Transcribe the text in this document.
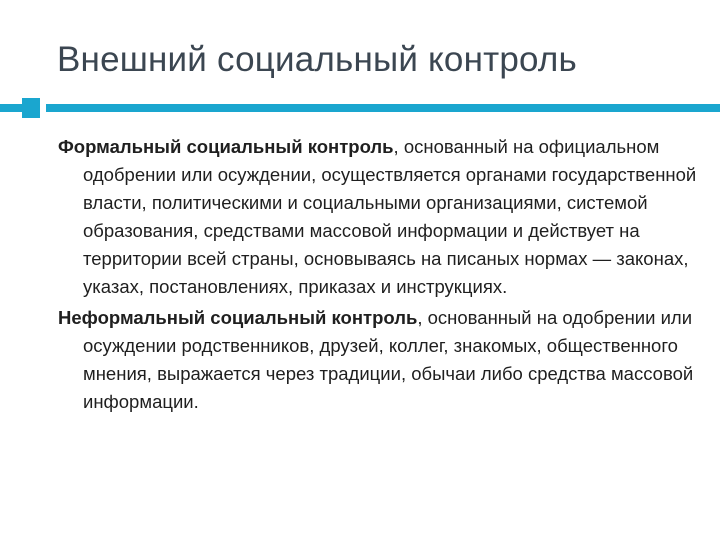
Внешний социальный контроль

Формальный социальный контроль, основанный на официальном одобрении или осуждении, осуществляется органами государственной власти, политическими и социальными организациями, системой образования, средствами массовой информации и действует на территории всей страны, основываясь на писаных нормах — законах, указах, постановлениях, приказах и инструкциях.

Неформальный социальный контроль, основанный на одобрении или осуждении родственников, друзей, коллег, знакомых, общественного мнения, выражается через традиции, обычаи либо средства массовой информации.
